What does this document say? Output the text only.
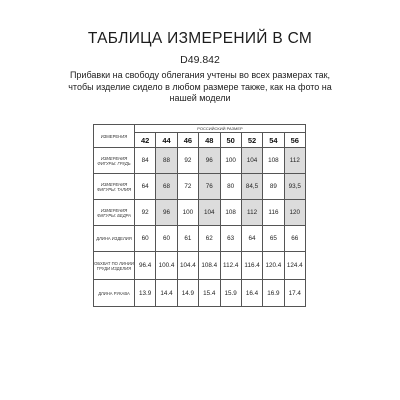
ТАБЛИЦА ИЗМЕРЕНИЙ В СМ
D49.842
Прибавки на свободу облегания учтены во всех размерах так, чтобы изделие сидело в любом размере также, как на фото на нашей модели
ИЗМЕРЕНИЯ	РОССИЙСКИЙ РАЗМЕР							
	42	44	46	48	50	52	54	56
ИЗМЕРЕНИЯ ФИГУРЫ: ГРУДЬ	84	88	92	96	100	104	108	112
ИЗМЕРЕНИЯ ФИГУРЫ: ТАЛИЯ	64	68	72	76	80	84,5	89	93,5
ИЗМЕРЕНИЯ ФИГУРЫ: БЕДРА	92	96	100	104	108	112	116	120
ДЛИНА ИЗДЕЛИЯ	60	60	61	62	63	64	65	66
ОБХВАТ ПО ЛИНИИ ГРУДИ ИЗДЕЛИЯ	96.4	100.4	104.4	108.4	112.4	116.4	120.4	124.4
ДЛИНА РУКАВА	13.9	14.4	14.9	15.4	15.9	16.4	16.9	17.4
